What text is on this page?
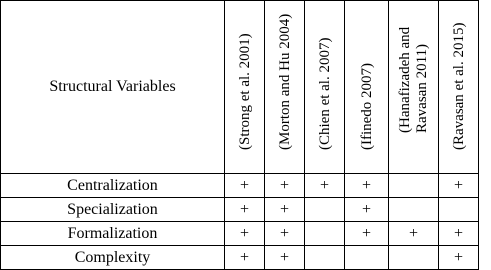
Structural Variables	(Strong et al. 2001)	(Morton and Hu 2004)	(Chien et al. 2007)	(Ifinedo 2007)	(Hanafizadeh and
Ravasan 2011)	(Ravasan et al. 2015)

Centralization	+	+	+	+		+
Specialization	+	+		+		
Formalization	+	+		+	+	+
Complexity	+	+				+
